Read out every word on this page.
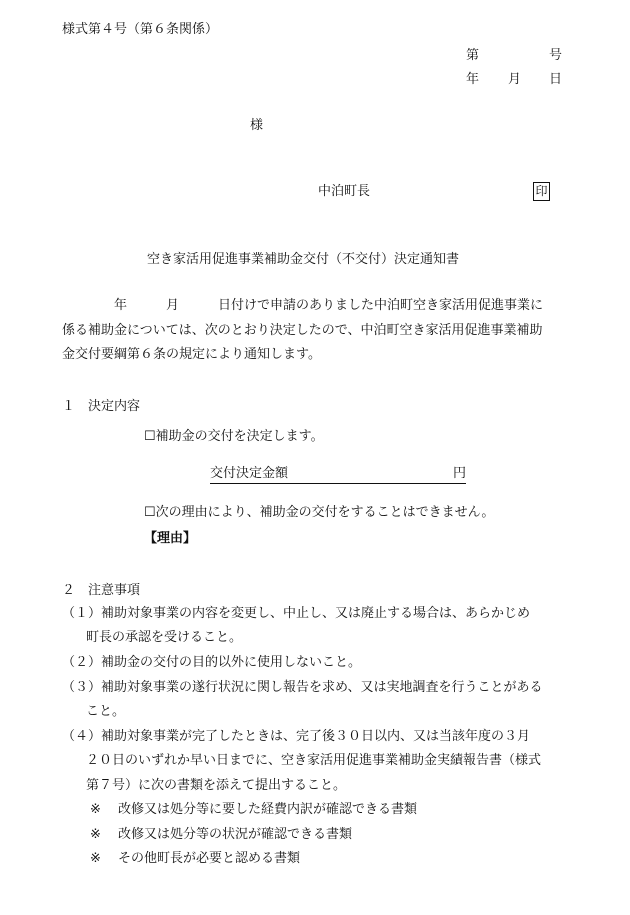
様式第４号（第６条関係）
第	号
年 月 日
様
中泊町長	印
空き家活用促進事業補助金交付（不交付）決定通知書
　　　　年　　　月　　　日付けで申請のありました中泊町空き家活用促進事業に
係る補助金については、次のとおり決定したので、中泊町空き家活用促進事業補助
金交付要綱第６条の規定により通知します。
１　決定内容
☐補助金の交付を決定します。
交付決定金額	円
☐次の理由により、補助金の交付をすることはできません。
【理由】
２　注意事項
（１）補助対象事業の内容を変更し、中止し、又は廃止する場合は、あらかじめ
町長の承認を受けること。
（２）補助金の交付の目的以外に使用しないこと。
（３）補助対象事業の遂行状況に関し報告を求め、又は実地調査を行うことがある
こと。
（４）補助対象事業が完了したときは、完了後３０日以内、又は当該年度の３月
２０日のいずれか早い日までに、空き家活用促進事業補助金実績報告書（様式
第７号）に次の書類を添えて提出すること。
※ 改修又は処分等に要した経費内訳が確認できる書類
※ 改修又は処分等の状況が確認できる書類
※ その他町長が必要と認める書類
